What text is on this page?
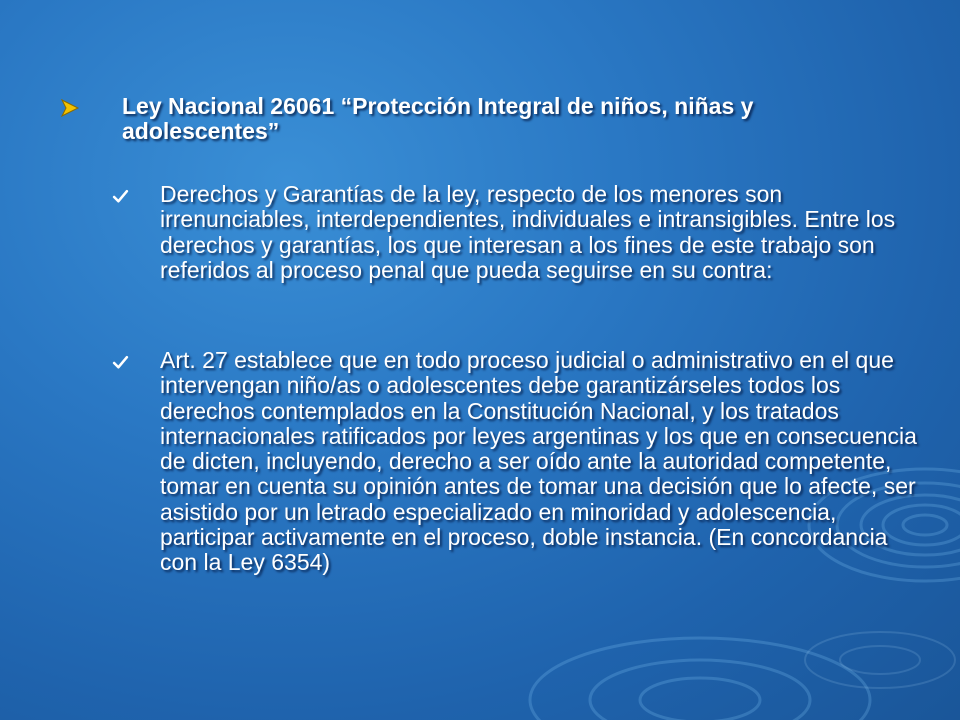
Ley Nacional 26061 “Protección Integral de niños, niñas y adolescentes”
Derechos y Garantías de la ley, respecto de los menores son irrenunciables, interdependientes, individuales e intransigibles. Entre los derechos y garantías, los que interesan a los fines de este trabajo son referidos al proceso penal que pueda seguirse en su contra:
Art. 27 establece que en todo proceso judicial o administrativo en el que intervengan niño/as o adolescentes debe garantizárseles todos los derechos contemplados en la Constitución Nacional, y los tratados internacionales ratificados por leyes argentinas y los que en consecuencia de dicten, incluyendo, derecho a ser oído ante la autoridad competente, tomar en cuenta su opinión antes de tomar una decisión que lo afecte, ser asistido por un letrado especializado en minoridad y adolescencia, participar activamente en el proceso, doble instancia. (En concordancia con la Ley 6354)
